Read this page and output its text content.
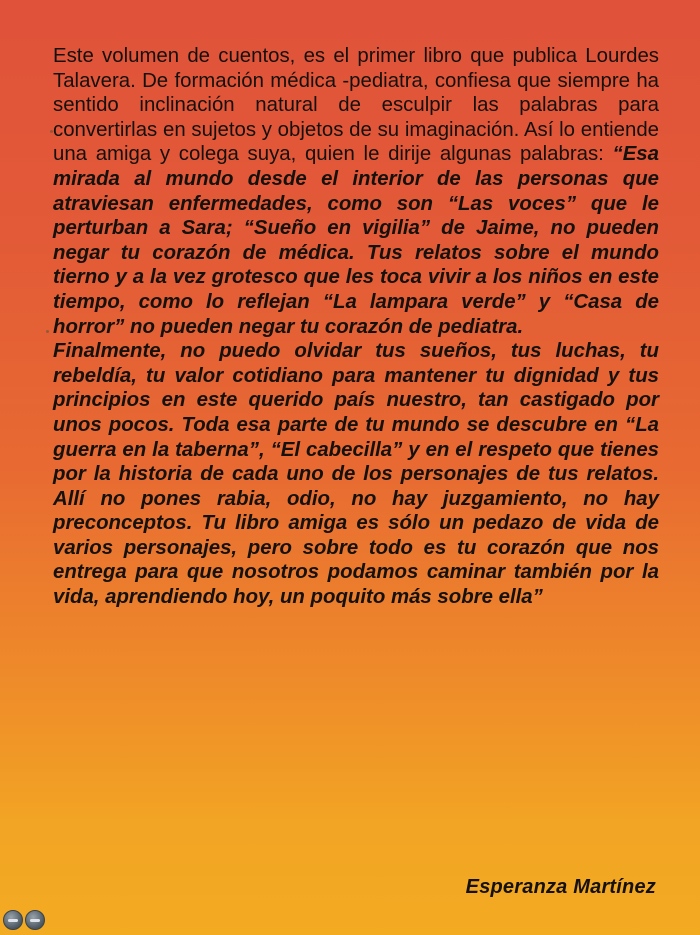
Este volumen de cuentos, es el primer libro que publica Lourdes Talavera. De formación médica -pediatra, confiesa que siempre ha sentido inclinación natural de esculpir las palabras para convertirlas en sujetos y objetos de su imaginación. Así lo entiende una amiga y colega suya, quien le dirije algunas palabras: “Esa mirada al mundo desde el interior de las personas que atraviesan enfermedades, como son “Las voces” que le perturban a Sara; “Sueño en vigilia” de Jaime, no pueden negar tu corazón de médica. Tus relatos sobre el mundo tierno y a la vez grotesco que les toca vivir a los niños en este tiempo, como lo reflejan “La lampara verde” y “Casa de horror” no pueden negar tu corazón de pediatra.

Finalmente, no puedo olvidar tus sueños, tus luchas, tu rebeldía, tu valor cotidiano para mantener tu dignidad y tus principios en este querido país nuestro, tan castigado por unos pocos. Toda esa parte de tu mundo se descubre en “La guerra en la taberna”, “El cabecilla” y en el respeto que tienes por la historia de cada uno de los personajes de tus relatos. Allí no pones rabia, odio, no hay juzgamiento, no hay preconceptos. Tu libro amiga es sólo un pedazo de vida de varios personajes, pero sobre todo es tu corazón que nos entrega para que nosotros podamos caminar también por la vida, aprendiendo hoy, un poquito más sobre ella”

Esperanza Martínez
